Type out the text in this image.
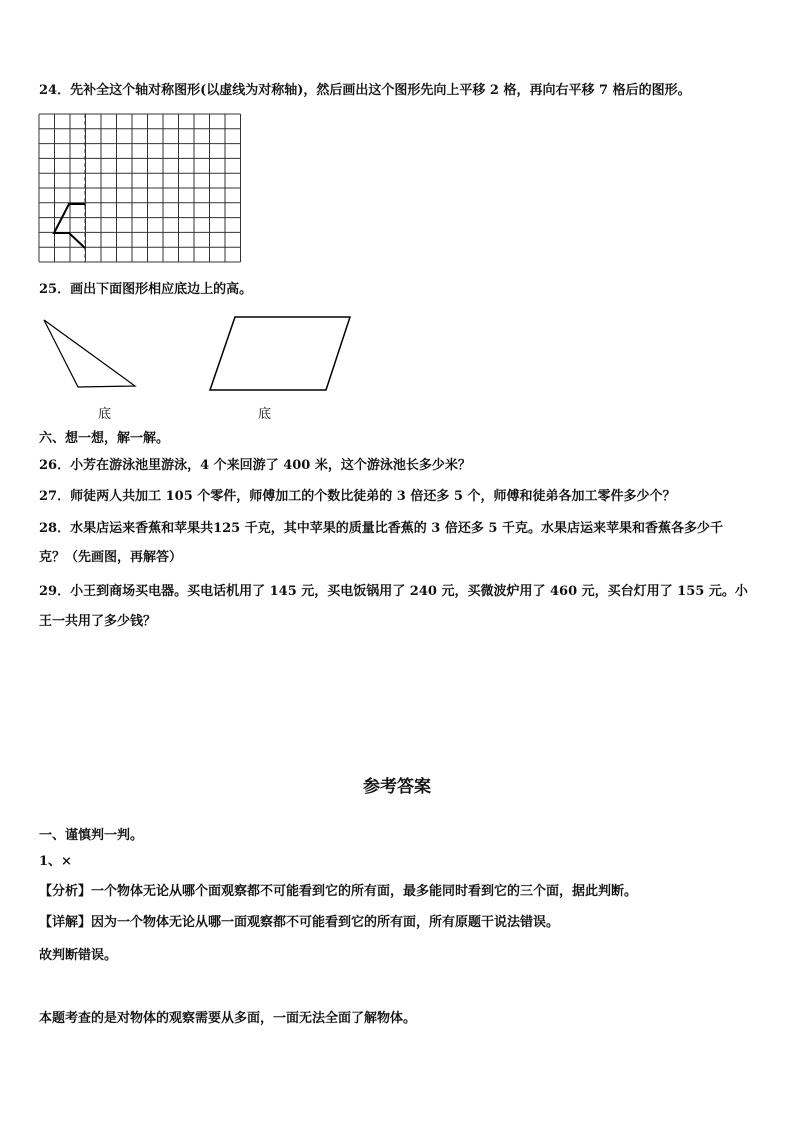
24．先补全这个轴对称图形(以虚线为对称轴)，然后画出这个图形先向上平移 2 格，再向右平移 7 格后的图形。
25．画出下面图形相应底边上的高。
底	底
六、想一想，解一解。
26．小芳在游泳池里游泳，4 个来回游了 400 米，这个游泳池长多少米？
27．师徒两人共加工 105 个零件，师傅加工的个数比徒弟的 3 倍还多 5 个，师傅和徒弟各加工零件多少个？
28．水果店运来香蕉和苹果共125 千克，其中苹果的质量比香蕉的 3 倍还多 5 千克。水果店运来苹果和香蕉各多少千
克？（先画图，再解答）
29．小王到商场买电器。买电话机用了 145 元，买电饭锅用了 240 元，买微波炉用了 460 元，买台灯用了 155 元。小
王一共用了多少钱？
参考答案
一、谨慎判一判。
1、×
【分析】一个物体无论从哪个面观察都不可能看到它的所有面，最多能同时看到它的三个面，据此判断。
【详解】因为一个物体无论从哪一面观察都不可能看到它的所有面，所有原题干说法错误。
故判断错误。
本题考查的是对物体的观察需要从多面，一面无法全面了解物体。
